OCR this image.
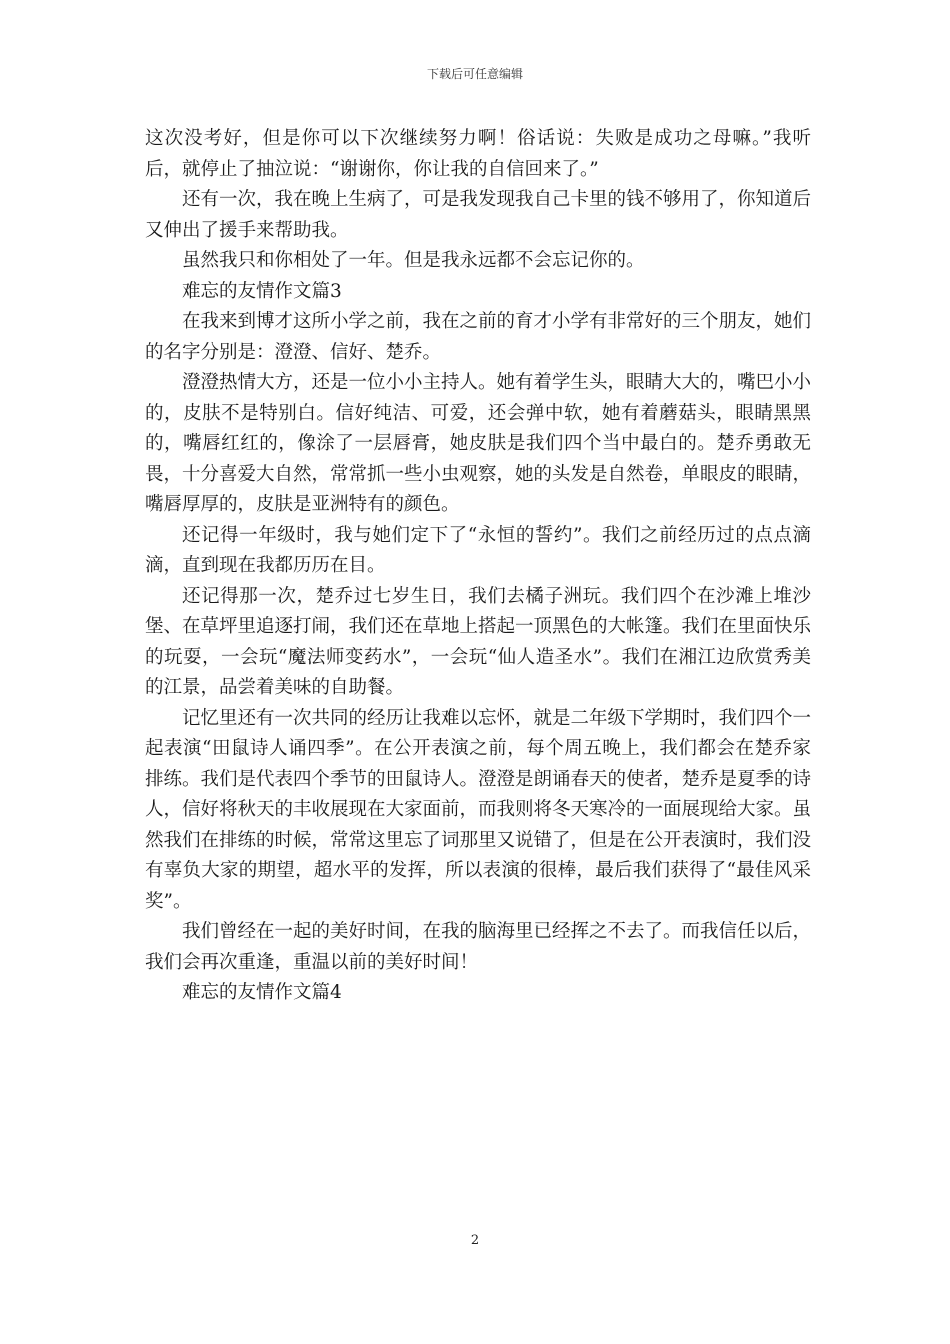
下载后可任意编辑

这次没考好，但是你可以下次继续努力啊！俗话说：失败是成功之母嘛。”我听后，就停止了抽泣说：“谢谢你，你让我的自信回来了。”

还有一次，我在晚上生病了，可是我发现我自己卡里的钱不够用了，你知道后又伸出了援手来帮助我。

虽然我只和你相处了一年。但是我永远都不会忘记你的。

难忘的友情作文篇3

在我来到博才这所小学之前，我在之前的育才小学有非常好的三个朋友，她们的名字分别是：澄澄、信好、楚乔。

澄澄热情大方，还是一位小小主持人。她有着学生头，眼睛大大的，嘴巴小小的，皮肤不是特别白。信好纯洁、可爱，还会弹中软，她有着蘑菇头，眼睛黑黑的，嘴唇红红的，像涂了一层唇膏，她皮肤是我们四个当中最白的。楚乔勇敢无畏，十分喜爱大自然，常常抓一些小虫观察，她的头发是自然卷，单眼皮的眼睛，嘴唇厚厚的，皮肤是亚洲特有的颜色。

还记得一年级时，我与她们定下了“永恒的誓约”。我们之前经历过的点点滴滴，直到现在我都历历在目。

还记得那一次，楚乔过七岁生日，我们去橘子洲玩。我们四个在沙滩上堆沙堡、在草坪里追逐打闹，我们还在草地上搭起一顶黑色的大帐篷。我们在里面快乐的玩耍，一会玩“魔法师变药水”，一会玩“仙人造圣水”。我们在湘江边欣赏秀美的江景，品尝着美味的自助餐。

记忆里还有一次共同的经历让我难以忘怀，就是二年级下学期时，我们四个一起表演“田鼠诗人诵四季”。在公开表演之前，每个周五晚上，我们都会在楚乔家排练。我们是代表四个季节的田鼠诗人。澄澄是朗诵春天的使者，楚乔是夏季的诗人，信好将秋天的丰收展现在大家面前，而我则将冬天寒冷的一面展现给大家。虽然我们在排练的时候，常常这里忘了词那里又说错了，但是在公开表演时，我们没有辜负大家的期望，超水平的发挥，所以表演的很棒，最后我们获得了“最佳风采奖”。

我们曾经在一起的美好时间，在我的脑海里已经挥之不去了。而我信任以后，我们会再次重逢，重温以前的美好时间！

难忘的友情作文篇4

2
